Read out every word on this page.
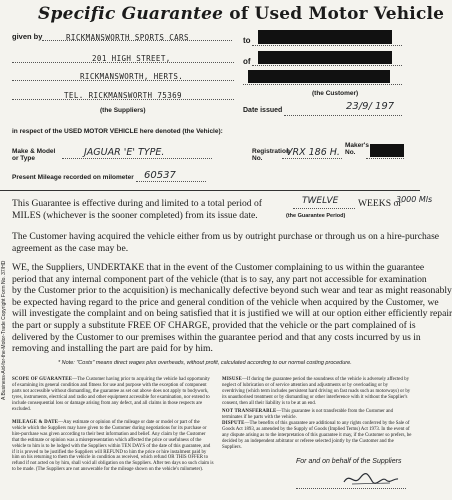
Specific Guarantee of Used Motor Vehicle
given by	RICKMANSWORTH SPORTS CARS
201 HIGH STREET,
RICKMANSWORTH, HERTS.
TEL. RICKMANSWORTH 75369
(the Suppliers)
to
of
(the Customer)
Date issued	23/9/ 197
in respect of the USED MOTOR VEHICLE here denoted (the Vehicle):
Make & Model
or Type
JAGUAR 'E' TYPE.	Registration
No.
VRX 186 H.
Maker's
No.
Present Mileage recorded on milometer 60537
This Guarantee is effective during and limited to a total period of	TWELVE WEEKS or
3000 Mls
MILES (whichever is the sooner completed) from its issue date.	(the Guarantee Period)
The Customer having acquired the vehicle either from us by outright purchase or through us on a hire-purchase
agreement as the case may be.
WE, the Suppliers, UNDERTAKE that in the event of the Customer complaining to us within the guarantee
period that any internal component part of the vehicle (that is to say, any part not accessible for examination
by the Customer prior to the acquisition) is mechanically defective beyond such wear and tear as might reasonably
be expected having regard to the price and general condition of the vehicle when acquired by the Customer, we
will investigate the complaint and on being satisfied that it is justified we will at our option either efficiently repair
the part or supply a substitute FREE OF CHARGE, provided that the vehicle or the part complained of is
delivered by the Customer to our premises within the guarantee period and that any costs incurred by us in
removing and installing the part are paid for by him.
* Note: "Costs" means direct wages plus overheads, without profit, calculated according to our normal costing procedure.
SCOPE OF GUARANTEE—The Customer having prior to acquiring the vehicle had opportunity of examining its general condition and fitness for use and purpose with the exception of component parts not accessible without dismantling, the guarantee as set out above does not apply to bodywork, tyres, instruments, electrical and radio and other equipment accessible for examination, nor extend to include consequential loss or damage arising from any defect, and all claims in those respects are excluded.
MILEAGE & DATE—Any estimate or opinion of the mileage or date or model or part of the vehicle which the Suppliers may have given to the Customer during negotiations for its purchase or hire-purchase was given according to their best information and belief. Any claim by the Customer that the estimate or opinion was a misrepresentation which affected the price or usefulness of the vehicle to him is to be lodged with the Suppliers within TEN DAYS of the date of this guarantee, and if it is proved to be justified the Suppliers will REFUND to him the price or hire instalment paid by him on his returning to them the vehicle in condition as received, which refund OR THIS OFFER to refund if not acted on by him, shall void all obligation on the Suppliers. After ten days no such claim is to be made. (The Suppliers are not answerable for the mileage shown on the vehicle's milometer).
MISUSE—If during the guarantee period the soundness of the vehicle is adversely affected by neglect of lubrication or of service attention and adjustments or by overloading or by overdriving (which term includes persistent hard driving on fast roads such as motorways) or by its unauthorised treatment or by dismantling or other interference with it without the Supplier's consent, then all their liability is to be at an end.
NOT TRANSFERABLE—This guarantee is not transferable from the Customer and terminates if he parts with the vehicle.
DISPUTE—The benefits of this guarantee are additional to any rights conferred by the Sale of Goods Act 1893, as amended by the Supply of Goods (Implied Terms) Act 1973. In the event of any dispute arising as to the interpretation of this guarantee it may, if the Customer so prefers, be decided by an independent arbitrator or referee selected jointly by the Customer and the Suppliers.
For and on behalf of the Suppliers
A Business-Aid-for-the-Motor-Trade Copyright Form No. 37/HD
